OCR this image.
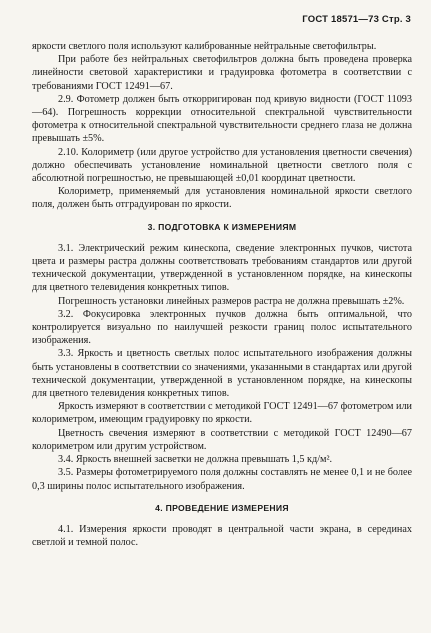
ГОСТ 18571—73 Стр. 3

яркости светлого поля используют калиброванные нейтральные светофильтры.

При работе без нейтральных светофильтров должна быть проведена проверка линейности световой характеристики и градуировка фотометра в соответствии с требованиями ГОСТ 12491—67.

2.9. Фотометр должен быть откорригирован под кривую видности (ГОСТ 11093—64). Погрешность коррекции относительной спектральной чувствительности фотометра к относительной спектральной чувствительности среднего глаза не должна превышать ±5%.

2.10. Колориметр (или другое устройство для установления цветности свечения) должно обеспечивать установление номинальной цветности светлого поля с абсолютной погрешностью, не превышающей ±0,01 координат цветности.

Колориметр, применяемый для установления номинальной яркости светлого поля, должен быть отградуирован по яркости.

3. ПОДГОТОВКА К ИЗМЕРЕНИЯМ

3.1. Электрический режим кинескопа, сведение электронных пучков, чистота цвета и размеры растра должны соответствовать требованиям стандартов или другой технической документации, утвержденной в установленном порядке, на кинескопы для цветного телевидения конкретных типов.

Погрешность установки линейных размеров растра не должна превышать ±2%.

3.2. Фокусировка электронных пучков должна быть оптимальной, что контролируется визуально по наилучшей резкости границ полос испытательного изображения.

3.3. Яркость и цветность светлых полос испытательного изображения должны быть установлены в соответствии со значениями, указанными в стандартах или другой технической документации, утвержденной в установленном порядке, на кинескопы для цветного телевидения конкретных типов.

Яркость измеряют в соответствии с методикой ГОСТ 12491—67 фотометром или колориметром, имеющим градуировку по яркости.

Цветность свечения измеряют в соответствии с методикой ГОСТ 12490—67 колориметром или другим устройством.

3.4. Яркость внешней засветки не должна превышать 1,5 кд/м².

3.5. Размеры фотометрируемого поля должны составлять не менее 0,1 и не более 0,3 ширины полос испытательного изображения.

4. ПРОВЕДЕНИЕ ИЗМЕРЕНИЯ

4.1. Измерения яркости проводят в центральной части экрана, в серединах светлой и темной полос.
